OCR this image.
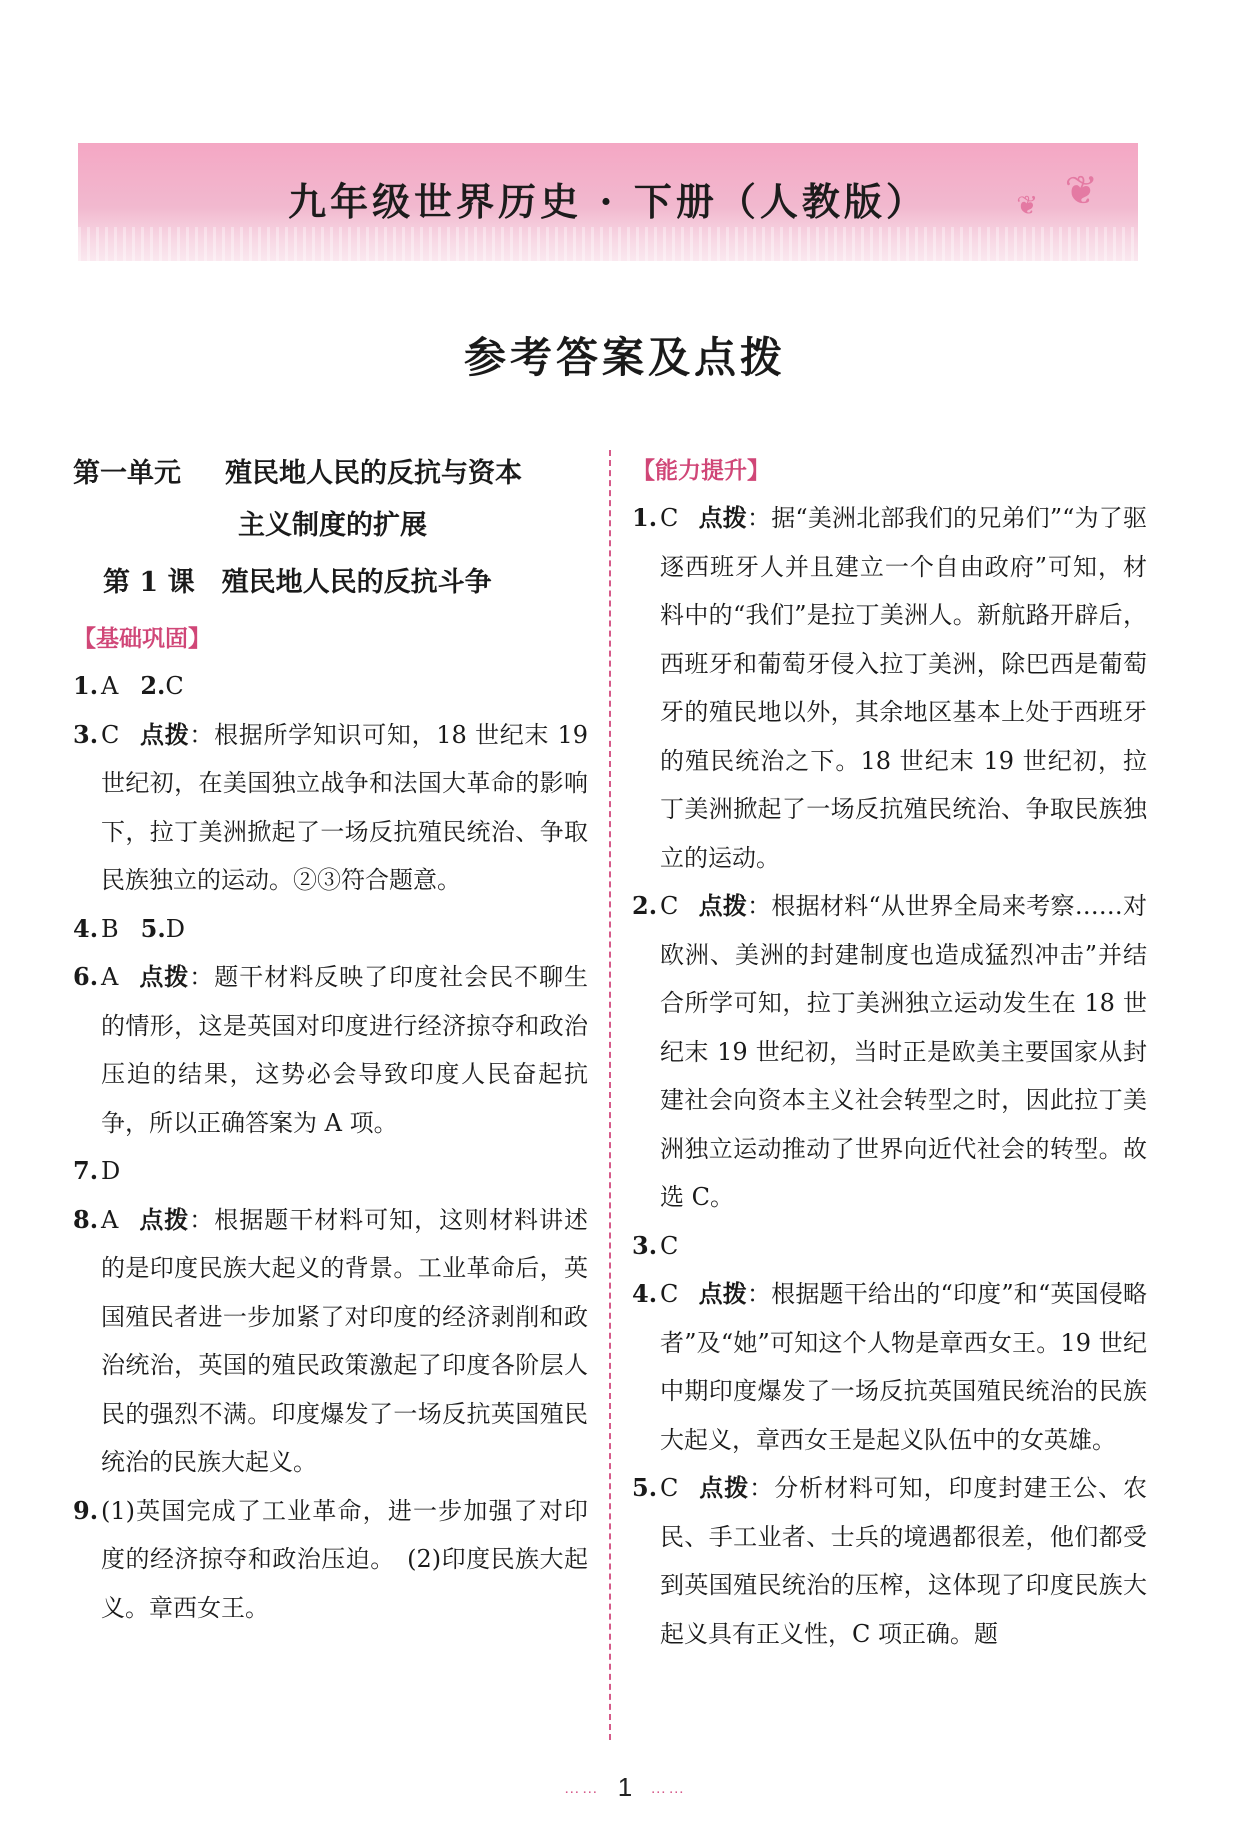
九年级世界历史 · 下册（人教版）	❦
❦
参考答案及点拨
第一单元 殖民地人民的反抗与资本
主义制度的扩展
第 1 课　殖民地人民的反抗斗争
【基础巩固】
1. A 2.C
3. C 点拨：根据所学知识可知，18 世纪末 19 世纪初，在美国独立战争和法国大革命的影响下，拉丁美洲掀起了一场反抗殖民统治、争取民族独立的运动。②③符合题意。
4. B 5.D
6. A 点拨：题干材料反映了印度社会民不聊生的情形，这是英国对印度进行经济掠夺和政治压迫的结果，这势必会导致印度人民奋起抗争，所以正确答案为 A 项。
7. D
8. A 点拨：根据题干材料可知，这则材料讲述的是印度民族大起义的背景。工业革命后，英国殖民者进一步加紧了对印度的经济剥削和政治统治，英国的殖民政策激起了印度各阶层人民的强烈不满。印度爆发了一场反抗英国殖民统治的民族大起义。
9. (1)英国完成了工业革命，进一步加强了对印度的经济掠夺和政治压迫。　(2)印度民族大起义。章西女王。
【能力提升】
1. C 点拨：据“美洲北部我们的兄弟们”“为了驱逐西班牙人并且建立一个自由政府”可知，材料中的“我们”是拉丁美洲人。新航路开辟后，西班牙和葡萄牙侵入拉丁美洲，除巴西是葡萄牙的殖民地以外，其余地区基本上处于西班牙的殖民统治之下。18 世纪末 19 世纪初，拉丁美洲掀起了一场反抗殖民统治、争取民族独立的运动。
2. C 点拨：根据材料“从世界全局来考察……对欧洲、美洲的封建制度也造成猛烈冲击”并结合所学可知，拉丁美洲独立运动发生在 18 世纪末 19 世纪初，当时正是欧美主要国家从封建社会向资本主义社会转型之时，因此拉丁美洲独立运动推动了世界向近代社会的转型。故选 C。
3. C
4. C 点拨：根据题干给出的“印度”和“英国侵略者”及“她”可知这个人物是章西女王。19 世纪中期印度爆发了一场反抗英国殖民统治的民族大起义，章西女王是起义队伍中的女英雄。
5. C 点拨：分析材料可知，印度封建王公、农民、手工业者、士兵的境遇都很差，他们都受到英国殖民统治的压榨，这体现了印度民族大起义具有正义性，C 项正确。题
…… 1 ……
